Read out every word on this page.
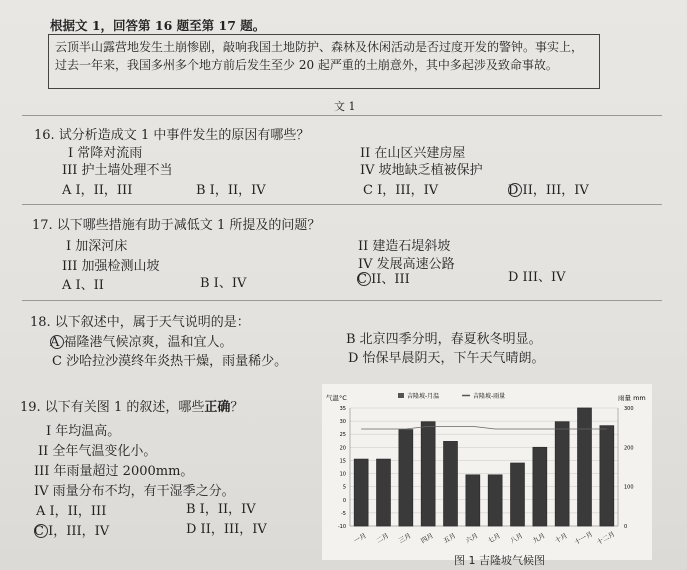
根据文 1，回答第 16 题至第 17 题。
云顶半山露营地发生土崩惨剧，敲响我国土地防护、森林及休闲活动是否过度开发的警钟。事实上，过去一年来，我国多州多个地方前后发生至少 20 起严重的土崩意外，其中多起涉及致命事故。
文 1
16. 试分析造成文 1 中事件发生的原因有哪些？
I 常降对流雨	II 在山区兴建房屋
III 护土墙处理不当	IV 坡地缺乏植被保护
A I，II，III	B I，II，IV	C I，III，IV	D II，III，IV
17. 以下哪些措施有助于减低文 1 所提及的问题？
I 加深河床	II 建造石堤斜坡
III 加强检测山坡	IV 发展高速公路
A I、II	B I、IV	C II、III	D III、IV
18. 以下叙述中，属于天气说明的是：
A 福隆港气候凉爽，温和宜人。	B 北京四季分明，春夏秋冬明显。
C 沙哈拉沙漠终年炎热干燥，雨量稀少。	D 怡保早晨阴天，下午天气晴朗。
19. 以下有关图 1 的叙述，哪些正确？
I 年均温高。
II 全年气温变化小。
III 年雨量超过 2000mm。
IV 雨量分布不均，有干湿季之分。
A I，II，III	B I，II，IV
C I，III，IV	D II，III，IV
气温°C	雨量 mm
吉隆坡-月温	吉隆坡-雨量
35
30
25
20
15
10
5
0
-5
-10
300
200
100
0
一月 二月 三月 四月 五月 六月 七月 八月 九月 十月 十一月 十二月
图 1 吉隆坡气候图
